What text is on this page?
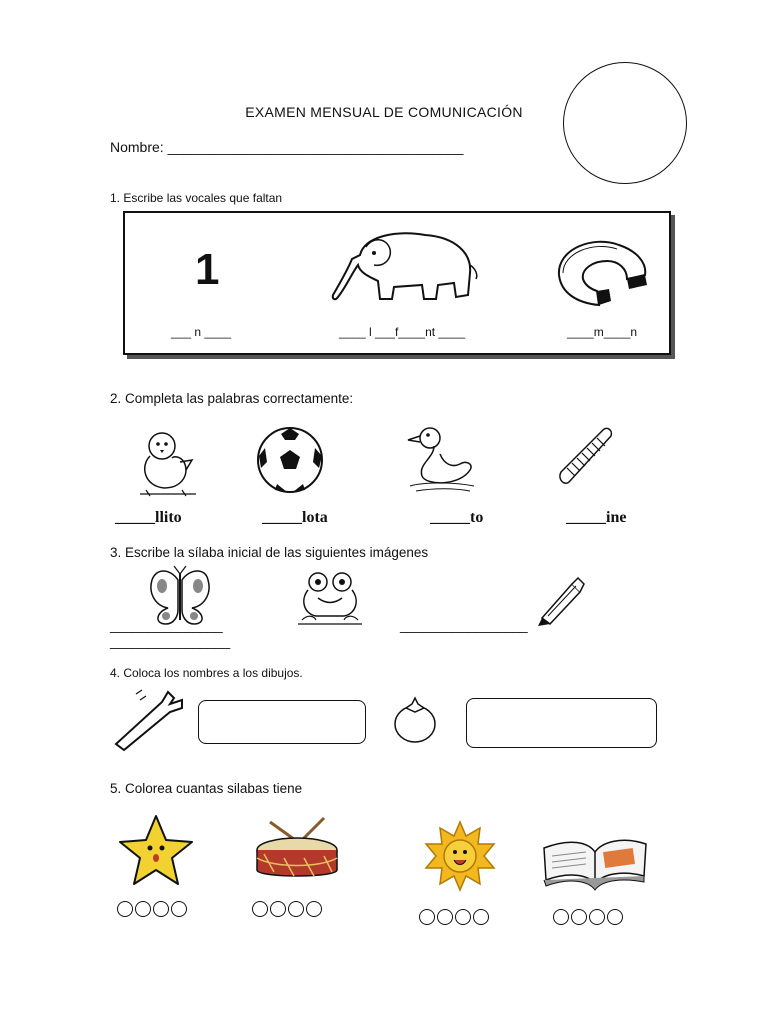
EXAMEN MENSUAL DE COMUNICACIÓN
Nombre: ______________________________________
1. Escribe las vocales que faltan
1
___ n ____	____ l ___f____nt ____	____m____n
2. Completa las palabras correctamente:
_____llito	_____lota	_____to	_____ine
3. Escribe la sílaba inicial de las siguientes imágenes
_______________
________________
_________________
4. Coloca los nombres a los dibujos.
5. Colorea cuantas silabas tiene
